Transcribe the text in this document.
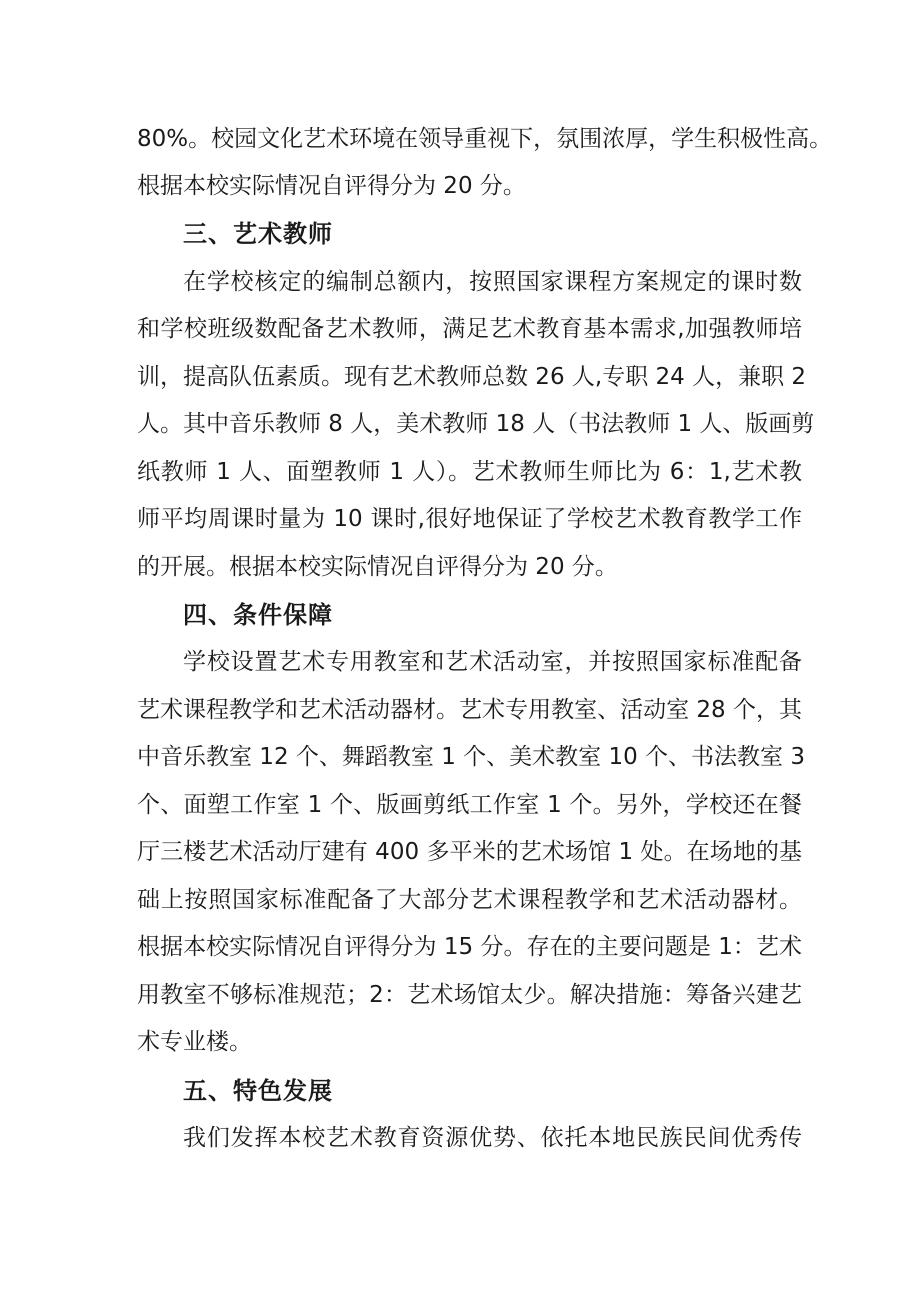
80%。校园文化艺术环境在领导重视下，氛围浓厚，学生积极性高。
根据本校实际情况自评得分为 20 分。
三、艺术教师
在学校核定的编制总额内，按照国家课程方案规定的课时数
和学校班级数配备艺术教师，满足艺术教育基本需求,加强教师培
训，提高队伍素质。现有艺术教师总数 26 人,专职 24 人，兼职 2
人。其中音乐教师 8 人，美术教师 18 人（书法教师 1 人、版画剪
纸教师 1 人、面塑教师 1 人）。艺术教师生师比为 6：1,艺术教
师平均周课时量为 10 课时,很好地保证了学校艺术教育教学工作
的开展。根据本校实际情况自评得分为 20 分。
四、条件保障
学校设置艺术专用教室和艺术活动室，并按照国家标准配备
艺术课程教学和艺术活动器材。艺术专用教室、活动室 28 个，其
中音乐教室 12 个、舞蹈教室 1 个、美术教室 10 个、书法教室 3
个、面塑工作室 1 个、版画剪纸工作室 1 个。另外，学校还在餐
厅三楼艺术活动厅建有 400 多平米的艺术场馆 1 处。在场地的基
础上按照国家标准配备了大部分艺术课程教学和艺术活动器材。
根据本校实际情况自评得分为 15 分。存在的主要问题是 1：艺术
用教室不够标准规范；2：艺术场馆太少。解决措施：筹备兴建艺
术专业楼。
五、特色发展
我们发挥本校艺术教育资源优势、依托本地民族民间优秀传
